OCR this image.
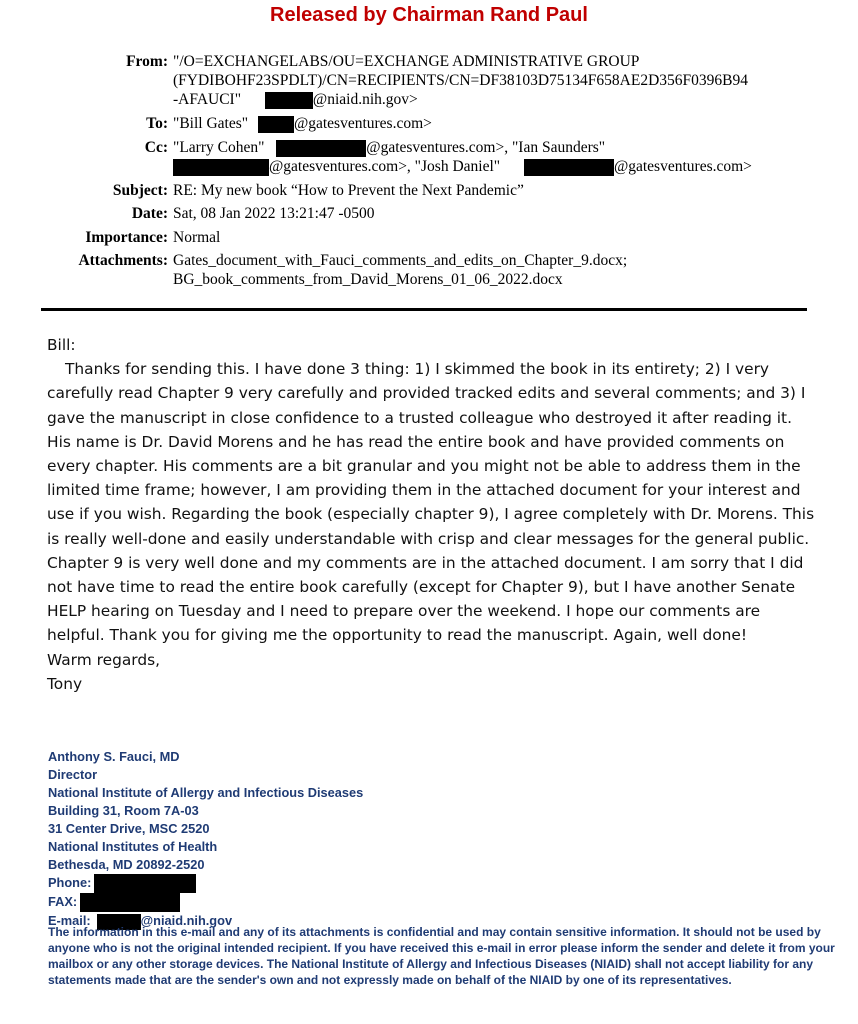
Released by Chairman Rand Paul
From: "/O=EXCHANGELABS/OU=EXCHANGE ADMINISTRATIVE GROUP
(FYDIBOHF23SPDLT)/CN=RECIPIENTS/CN=DF38103D75134F658AE2D356F0396B94
-AFAUCI"	@niaid.nih.gov>
To: "Bill Gates"	@gatesventures.com>
Cc: "Larry Cohen"	@gatesventures.com>, "Ian Saunders"
@gatesventures.com>, "Josh Daniel"	@gatesventures.com>
Subject: RE: My new book “How to Prevent the Next Pandemic”
Date: Sat, 08 Jan 2022 13:21:47 -0500
Importance: Normal
Attachments: Gates_document_with_Fauci_comments_and_edits_on_Chapter_9.docx;
BG_book_comments_from_David_Morens_01_06_2022.docx

Bill:

Thanks for sending this. I have done 3 thing: 1) I skimmed the book in its entirety; 2) I very carefully read Chapter 9 very carefully and provided tracked edits and several comments; and 3) I gave the manuscript in close confidence to a trusted colleague who destroyed it after reading it. His name is Dr. David Morens and he has read the entire book and have provided comments on every chapter. His comments are a bit granular and you might not be able to address them in the limited time frame; however, I am providing them in the attached document for your interest and use if you wish. Regarding the book (especially chapter 9), I agree completely with Dr. Morens. This is really well-done and easily understandable with crisp and clear messages for the general public. Chapter 9 is very well done and my comments are in the attached document. I am sorry that I did not have time to read the entire book carefully (except for Chapter 9), but I have another Senate HELP hearing on Tuesday and I need to prepare over the weekend. I hope our comments are helpful. Thank you for giving me the opportunity to read the manuscript. Again, well done!

Warm regards,

Tony

Anthony S. Fauci, MD
Director
National Institute of Allergy and Infectious Diseases
Building 31, Room 7A-03
31 Center Drive, MSC 2520
National Institutes of Health
Bethesda, MD 20892-2520
Phone:
FAX:
E-mail:	@niaid.nih.gov
The information in this e-mail and any of its attachments is confidential and may contain sensitive information. It should not be used by anyone who is not the original intended recipient. If you have received this e-mail in error please inform the sender and delete it from your mailbox or any other storage devices. The National Institute of Allergy and Infectious Diseases (NIAID) shall not accept liability for any statements made that are the sender's own and not expressly made on behalf of the NIAID by one of its representatives.
